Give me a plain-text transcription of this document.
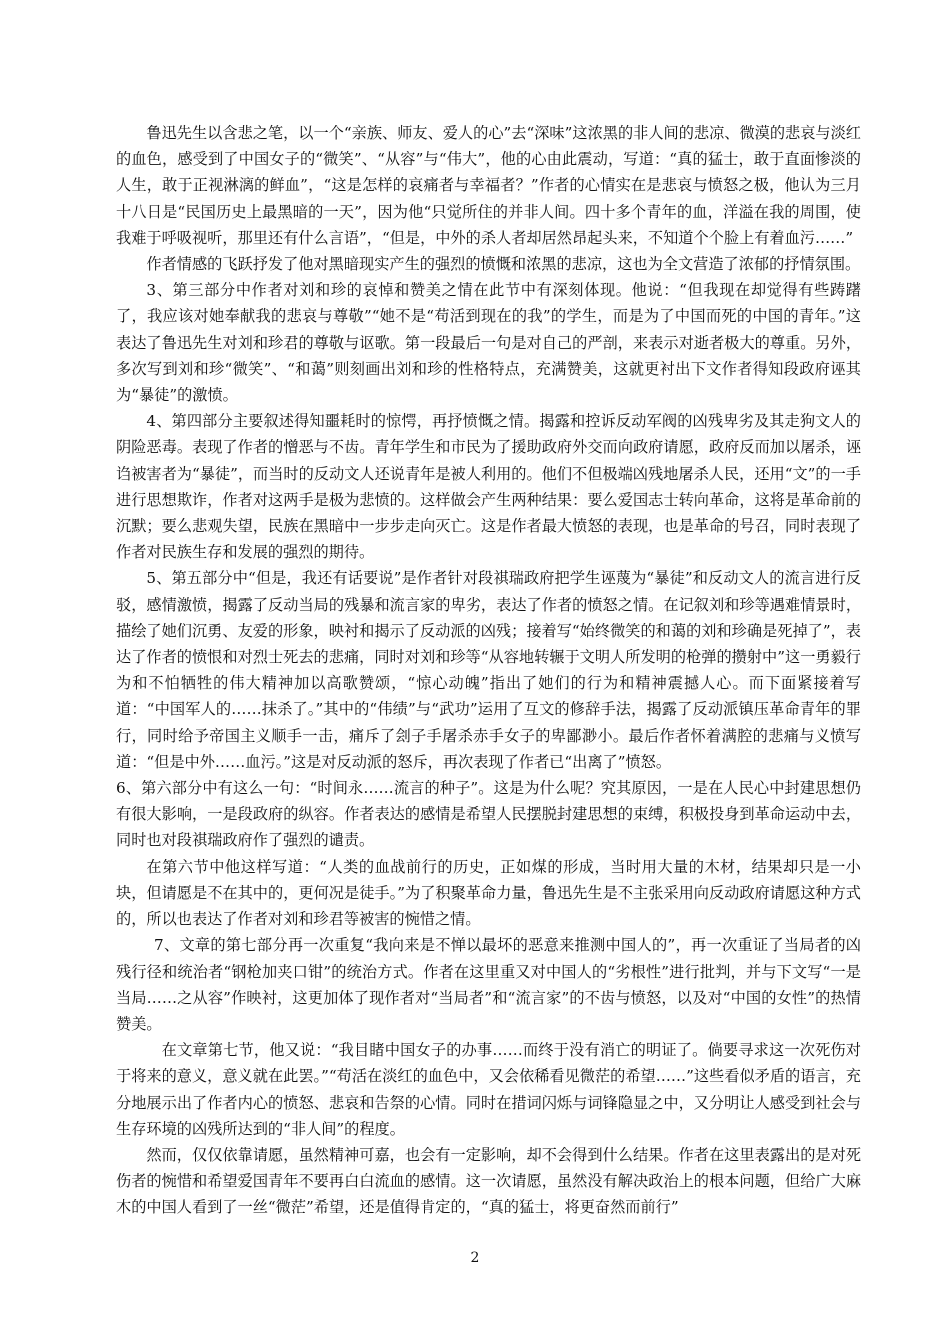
鲁迅先生以含悲之笔，以一个“亲族、师友、爱人的心”去“深味”这浓黑的非人间的悲凉、微漠的悲哀与淡红的血色，感受到了中国女子的“微笑”、“从容”与“伟大”，他的心由此震动，写道：“真的猛士，敢于直面惨淡的人生，敢于正视淋漓的鲜血”，“这是怎样的哀痛者与幸福者？”作者的心情实在是悲哀与愤怒之极，他认为三月十八日是“民国历史上最黑暗的一天”，因为他“只觉所住的并非人间。四十多个青年的血，洋溢在我的周围，使我难于呼吸视听，那里还有什么言语”，“但是，中外的杀人者却居然昂起头来，不知道个个脸上有着血污……”

作者情感的飞跃抒发了他对黑暗现实产生的强烈的愤慨和浓黑的悲凉，这也为全文营造了浓郁的抒情氛围。

3、第三部分中作者对刘和珍的哀悼和赞美之情在此节中有深刻体现。他说：“但我现在却觉得有些踌躇了，我应该对她奉献我的悲哀与尊敬”“她不是“苟活到现在的我”的学生，而是为了中国而死的中国的青年。”这表达了鲁迅先生对刘和珍君的尊敬与讴歌。第一段最后一句是对自己的严剖，来表示对逝者极大的尊重。另外，多次写到刘和珍“微笑”、“和蔼”则刻画出刘和珍的性格特点，充满赞美，这就更衬出下文作者得知段政府诬其为“暴徒”的激愤。

4、第四部分主要叙述得知噩耗时的惊愕，再抒愤慨之情。揭露和控诉反动军阀的凶残卑劣及其走狗文人的阴险恶毒。表现了作者的憎恶与不齿。青年学生和市民为了援助政府外交而向政府请愿，政府反而加以屠杀，诬诌被害者为“暴徒”，而当时的反动文人还说青年是被人利用的。他们不但极端凶残地屠杀人民，还用“文”的一手进行思想欺诈，作者对这两手是极为悲愤的。这样做会产生两种结果：要么爱国志士转向革命，这将是革命前的沉默；要么悲观失望，民族在黑暗中一步步走向灭亡。这是作者最大愤怒的表现，也是革命的号召，同时表现了作者对民族生存和发展的强烈的期待。

5、第五部分中“但是，我还有话要说”是作者针对段祺瑞政府把学生诬蔑为“暴徒”和反动文人的流言进行反驳，感情激愤，揭露了反动当局的残暴和流言家的卑劣，表达了作者的愤怒之情。在记叙刘和珍等遇难情景时，描绘了她们沉勇、友爱的形象，映衬和揭示了反动派的凶残；接着写“始终微笑的和蔼的刘和珍确是死掉了”，表达了作者的愤恨和对烈士死去的悲痛，同时对刘和珍等“从容地转辗于文明人所发明的枪弹的攒射中”这一勇毅行为和不怕牺牲的伟大精神加以高歌赞颂，“惊心动魄”指出了她们的行为和精神震撼人心。而下面紧接着写道：“中国军人的……抹杀了。”其中的“伟绩”与“武功”运用了互文的修辞手法，揭露了反动派镇压革命青年的罪行，同时给予帝国主义顺手一击，痛斥了刽子手屠杀赤手女子的卑鄙渺小。最后作者怀着满腔的悲痛与义愤写道：“但是中外……血污。”这是对反动派的怒斥，再次表现了作者已“出离了”愤怒。

6、第六部分中有这么一句：“时间永……流言的种子”。这是为什么呢？究其原因，一是在人民心中封建思想仍有很大影响，一是段政府的纵容。作者表达的感情是希望人民摆脱封建思想的束缚，积极投身到革命运动中去，同时也对段祺瑞政府作了强烈的谴责。

在第六节中他这样写道：“人类的血战前行的历史，正如煤的形成，当时用大量的木材，结果却只是一小块，但请愿是不在其中的，更何况是徒手。”为了积聚革命力量，鲁迅先生是不主张采用向反动政府请愿这种方式的，所以也表达了作者对刘和珍君等被害的惋惜之情。

7、文章的第七部分再一次重复“我向来是不惮以最坏的恶意来推测中国人的”，再一次重证了当局者的凶残行径和统治者“钢枪加夹口钳”的统治方式。作者在这里重又对中国人的“劣根性”进行批判，并与下文写“一是当局……之从容”作映衬，这更加体了现作者对“当局者”和“流言家”的不齿与愤怒，以及对“中国的女性”的热情赞美。

在文章第七节，他又说：“我目睹中国女子的办事……而终于没有消亡的明证了。倘要寻求这一次死伤对于将来的意义，意义就在此罢。”“苟活在淡红的血色中，又会依稀看见微茫的希望……”这些看似矛盾的语言，充分地展示出了作者内心的愤怒、悲哀和告祭的心情。同时在措词闪烁与词锋隐显之中，又分明让人感受到社会与生存环境的凶残所达到的“非人间”的程度。

然而，仅仅依靠请愿，虽然精神可嘉，也会有一定影响，却不会得到什么结果。作者在这里表露出的是对死伤者的惋惜和希望爱国青年不要再白白流血的感情。这一次请愿，虽然没有解决政治上的根本问题，但给广大麻木的中国人看到了一丝“微茫”希望，还是值得肯定的，“真的猛士，将更奋然而前行”

2
